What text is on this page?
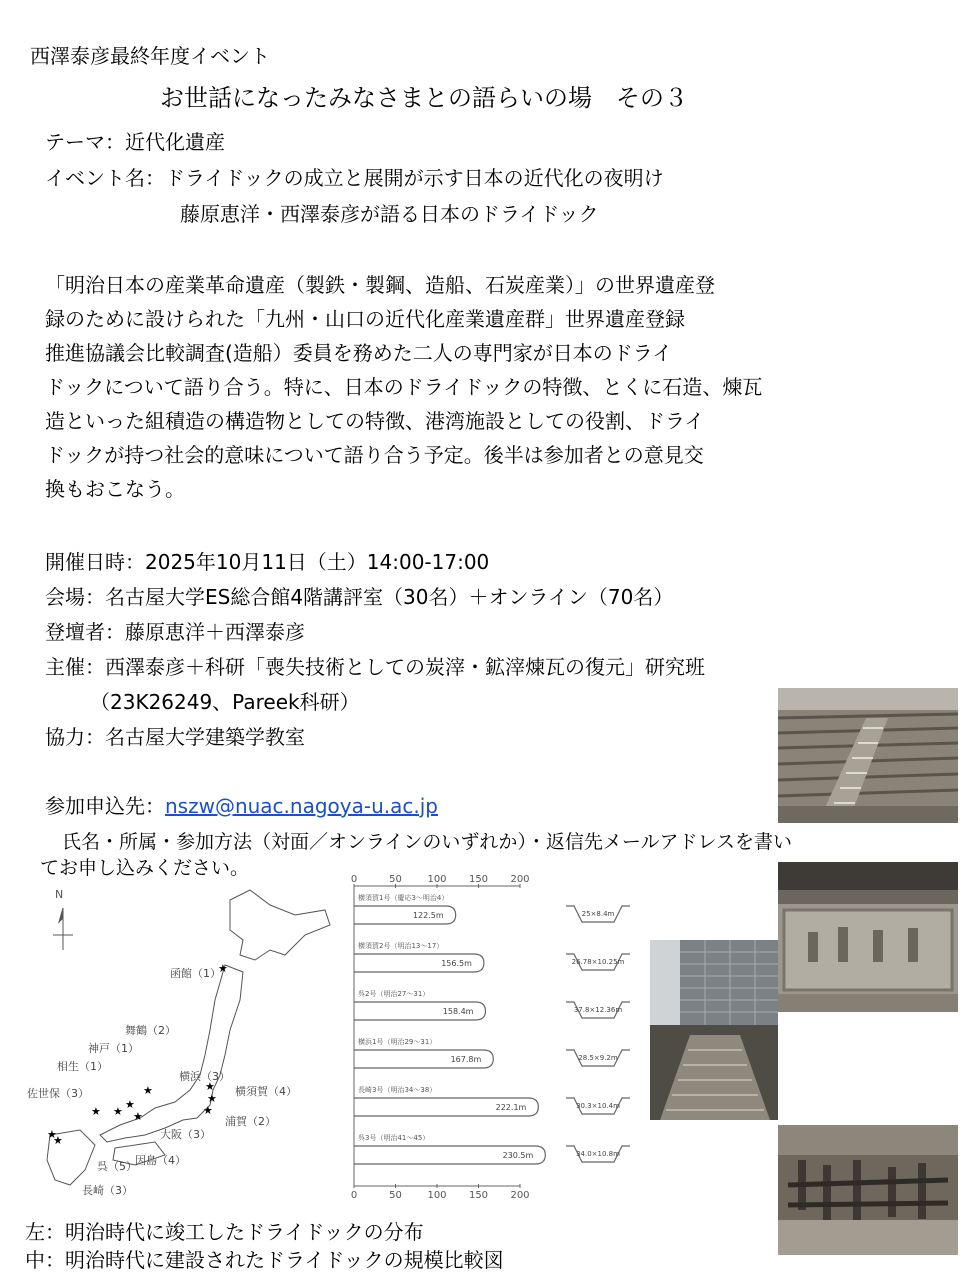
西澤泰彦最終年度イベント
お世話になったみなさまとの語らいの場　その３
テーマ：近代化遺産
イベント名：ドライドックの成立と展開が示す日本の近代化の夜明け
藤原恵洋・西澤泰彦が語る日本のドライドック
「明治日本の産業革命遺産（製鉄・製鋼、造船、石炭産業）」の世界遺産登
録のために設けられた「九州・山口の近代化産業遺産群」世界遺産登録
推進協議会比較調査(造船）委員を務めた二人の専門家が日本のドライ
ドックについて語り合う。特に、日本のドライドックの特徴、とくに石造、煉瓦
造といった組積造の構造物としての特徴、港湾施設としての役割、ドライ
ドックが持つ社会的意味について語り合う予定。後半は参加者との意見交
換もおこなう。
開催日時：2025年10月11日（土）14:00-17:00
会場：名古屋大学ES総合館4階講評室（30名）＋オンライン（70名）
登壇者：藤原恵洋＋西澤泰彦
主催：西澤泰彦＋科研「喪失技術としての炭滓・鉱滓煉瓦の復元」研究班
（23K26249、Pareek科研）
協力：名古屋大学建築学教室
参加申込先：nszw@nuac.nagoya-u.ac.jp
氏名・所属・参加方法（対面／オンラインのいずれか）・返信先メールアドレスを書い
てお申し込みください。
★
★
★
★
★
★
★
★	★
★
★
N
函館（1）
舞鶴（2）
神戸（1）
相生（1）
佐世保（3）
横浜（3）
横須賀（4）
浦賀（2）
大阪（3）
因島（4）
呉（5）
長崎（3）
0
0
50
50
100
100
150
150
200
200
横須賀1号（慶応3～明治4）
122.5m	25×8.4m
横須賀2号（明治13～17）
156.5m	26.78×10.25m
呉2号（明治27～31）
158.4m	37.8×12.36m
横浜1号（明治29～31）
167.8m	28.5×9.2m
長崎3号（明治34～38）
222.1m	30.3×10.4m
呉3号（明治41～45）
230.5m	34.0×10.8m
左：明治時代に竣工したドライドックの分布
中：明治時代に建設されたドライドックの規模比較図
